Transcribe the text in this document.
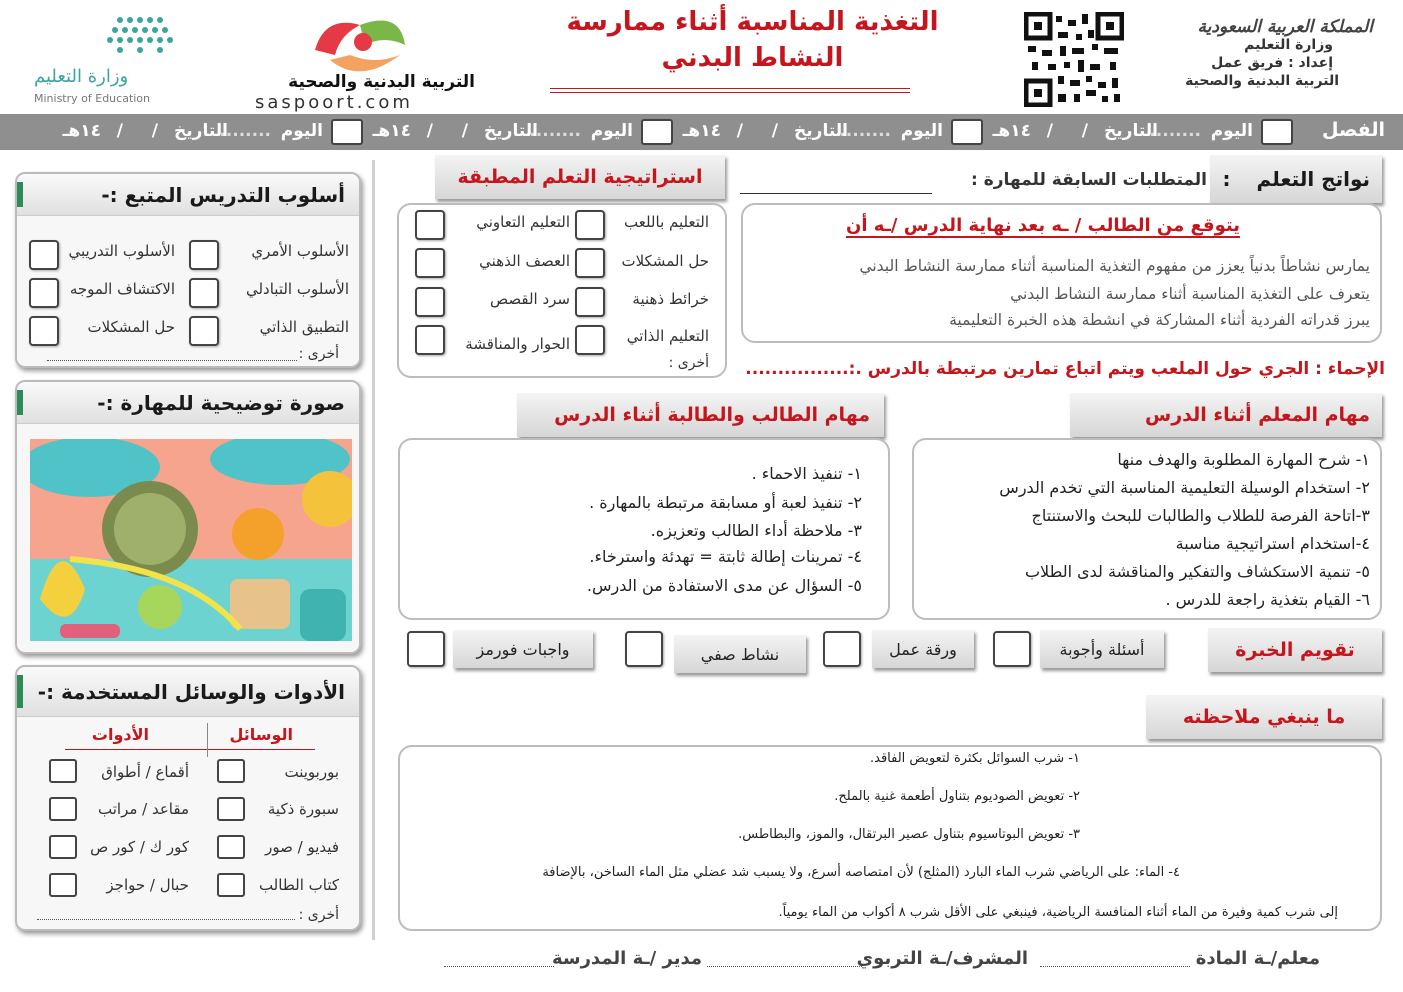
وزارة التعليم
Ministry of Education
التربية البدنية والصحية
saspoort.com
التغذية المناسبة أثناء ممارسة النشاط البدني
المملكة العربية السعودية
وزارة التعليم
إعداد : فريق عمل
التربية البدنية والصحية
الفصل
اليوم
........
التاريخ
/
/
١٤هـ
اليوم
........
التاريخ
/
/
١٤هـ
اليوم
........
التاريخ
/
/
١٤هـ
اليوم
........
التاريخ
/
/
١٤هـ
نواتج التعلم
:
المتطلبات السابقة للمهارة :
يتوقع من الطالب / ـه بعد نهاية الدرس /ـه أن
يمارس نشاطاً بدنياً يعزز من مفهوم التغذية المناسبة أثناء ممارسة النشاط البدني
يتعرف على التغذية المناسبة أثناء ممارسة النشاط البدني
يبرز قدراته الفردية أثناء المشاركة في انشطة هذه الخبرة التعليمية
استراتيجية التعلم المطبقة
التعليم باللعب
التعليم التعاوني
حل المشكلات
العصف الذهني
خرائط ذهنية
سرد القصص
التعليم الذاتي
الحوار والمناقشة
أخرى :	الإحماء : الجري حول الملعب ويتم اتباع تمارين مرتبطة بالدرس .:................
مهام المعلم أثناء الدرس
١- شرح المهارة المطلوبة والهدف منها
٢- استخدام الوسيلة التعليمية المناسبة التي تخدم الدرس
٣-اتاحة الفرصة للطلاب والطالبات للبحث والاستنتاج
٤-استخدام استراتيجية مناسبة
٥- تنمية الاستكشاف والتفكير والمناقشة لدى الطلاب
٦- القيام بتغذية راجعة للدرس .
مهام الطالب والطالبة أثناء الدرس
١- تنفيذ الاحماء .
٢- تنفيذ لعبة أو مسابقة مرتبطة بالمهارة .
٣- ملاحظة أداء الطالب وتعزيزه.
٤- تمرينات إطالة ثابتة = تهدئة واسترخاء.
٥- السؤال عن مدى الاستفادة من الدرس.
تقويم الخبرة
أسئلة وأجوبة
ورقة عمل
نشاط صفي
واجبات فورمز
ما ينبغي ملاحظته
١- شرب السوائل بكثرة لتعويض الفاقد.
٢- تعويض الصوديوم بتناول أطعمة غنية بالملح.
٣- تعويض البوتاسيوم بتناول عصير البرتقال، والموز، والبطاطس.
٤- الماء: على الرياضي شرب الماء البارد (المثلج) لأن امتصاصه أسرع، ولا يسبب شد عضلي مثل الماء الساخن، بالإضافة
إلى شرب كمية وفيرة من الماء أثناء المنافسة الرياضية، فينبغي على الأقل شرب ٨ أكواب من الماء يومياً.
معلم/ـة المادة
المشرف/ـة التربوي
مدير /ـة المدرسة
أسلوب التدريس المتبع :-
الأسلوب الأمري
الأسلوب التدريبي
الأسلوب التبادلي
الاكتشاف الموجه
التطبيق الذاتي
حل المشكلات
أخرى :
صورة توضيحية للمهارة :-
الأدوات والوسائل المستخدمة :-
الوسائل
الأدوات
بوربوينت
أقماع / أطواق
سبورة ذكية
مقاعد / مراتب
فيديو / صور
كور ك / كور ص
كتاب الطالب
حبال / حواجز
أخرى :
